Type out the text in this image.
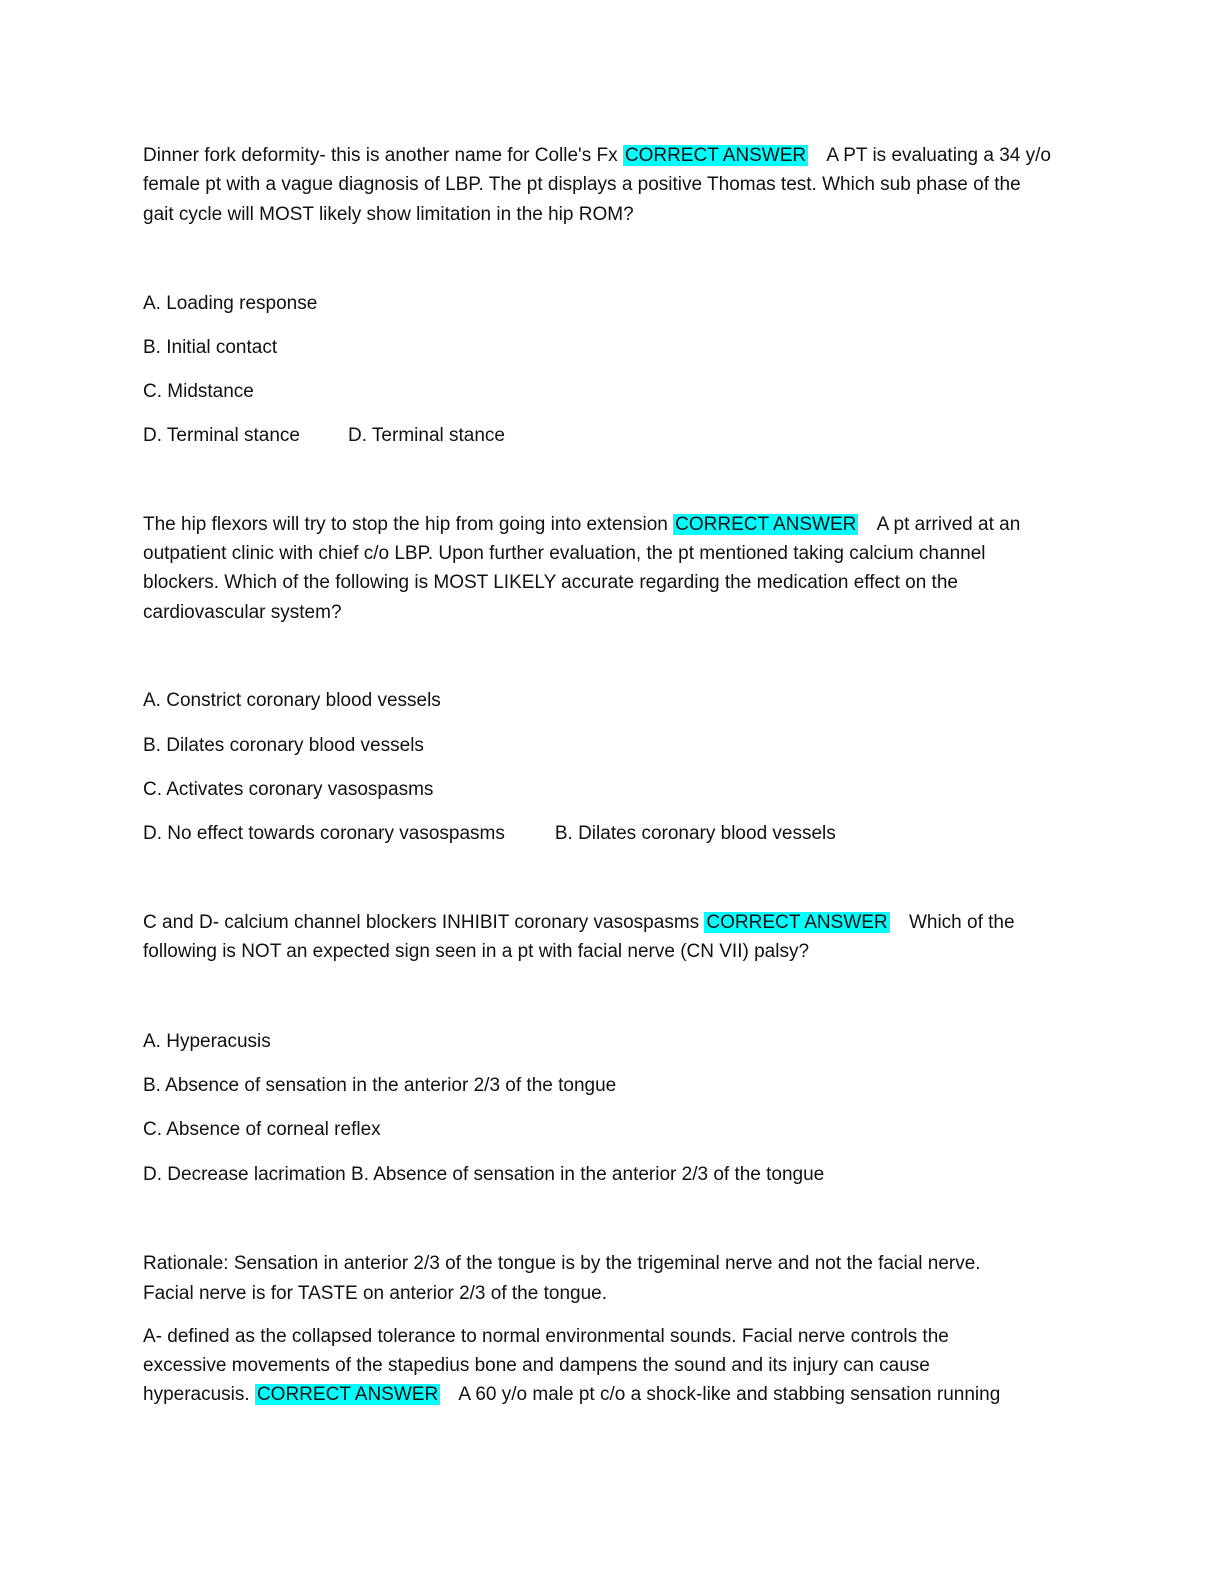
Dinner fork deformity- this is another name for Colle's Fx CORRECT ANSWER A PT is evaluating a 34 y/o
female pt with a vague diagnosis of LBP. The pt displays a positive Thomas test. Which sub phase of the
gait cycle will MOST likely show limitation in the hip ROM?
A. Loading response
B. Initial contact
C. Midstance
D. Terminal stance	D. Terminal stance
The hip flexors will try to stop the hip from going into extension CORRECT ANSWER A pt arrived at an
outpatient clinic with chief c/o LBP. Upon further evaluation, the pt mentioned taking calcium channel
blockers. Which of the following is MOST LIKELY accurate regarding the medication effect on the
cardiovascular system?
A. Constrict coronary blood vessels
B. Dilates coronary blood vessels
C. Activates coronary vasospasms
D. No effect towards coronary vasospasms	B. Dilates coronary blood vessels
C and D- calcium channel blockers INHIBIT coronary vasospasms CORRECT ANSWER Which of the
following is NOT an expected sign seen in a pt with facial nerve (CN VII) palsy?
A. Hyperacusis
B. Absence of sensation in the anterior 2/3 of the tongue
C. Absence of corneal reflex
D. Decrease lacrimation B. Absence of sensation in the anterior 2/3 of the tongue
Rationale: Sensation in anterior 2/3 of the tongue is by the trigeminal nerve and not the facial nerve.
Facial nerve is for TASTE on anterior 2/3 of the tongue.
A- defined as the collapsed tolerance to normal environmental sounds. Facial nerve controls the
excessive movements of the stapedius bone and dampens the sound and its injury can cause
hyperacusis. CORRECT ANSWER A 60 y/o male pt c/o a shock-like and stabbing sensation running
